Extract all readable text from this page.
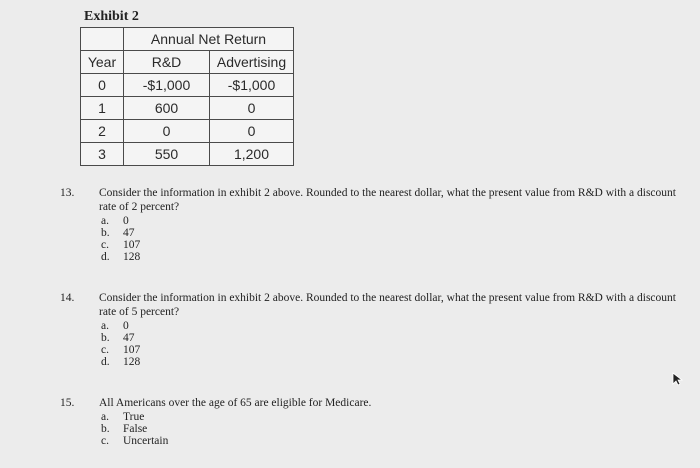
Exhibit 2
	Annual Net Return	
Year	R&D	Advertising
0	-$1,000	-$1,000
1	600	0
2	0	0
3	550	1,200
13. Consider the information in exhibit 2 above. Rounded to the nearest dollar, what the present value from R&D with a discount rate of 2 percent?
a. 0
b. 47
c. 107
d. 128
14. Consider the information in exhibit 2 above. Rounded to the nearest dollar, what the present value from R&D with a discount rate of 5 percent?
a. 0
b. 47
c. 107
d. 128
15. All Americans over the age of 65 are eligible for Medicare.
a. True
b. False
c. Uncertain
